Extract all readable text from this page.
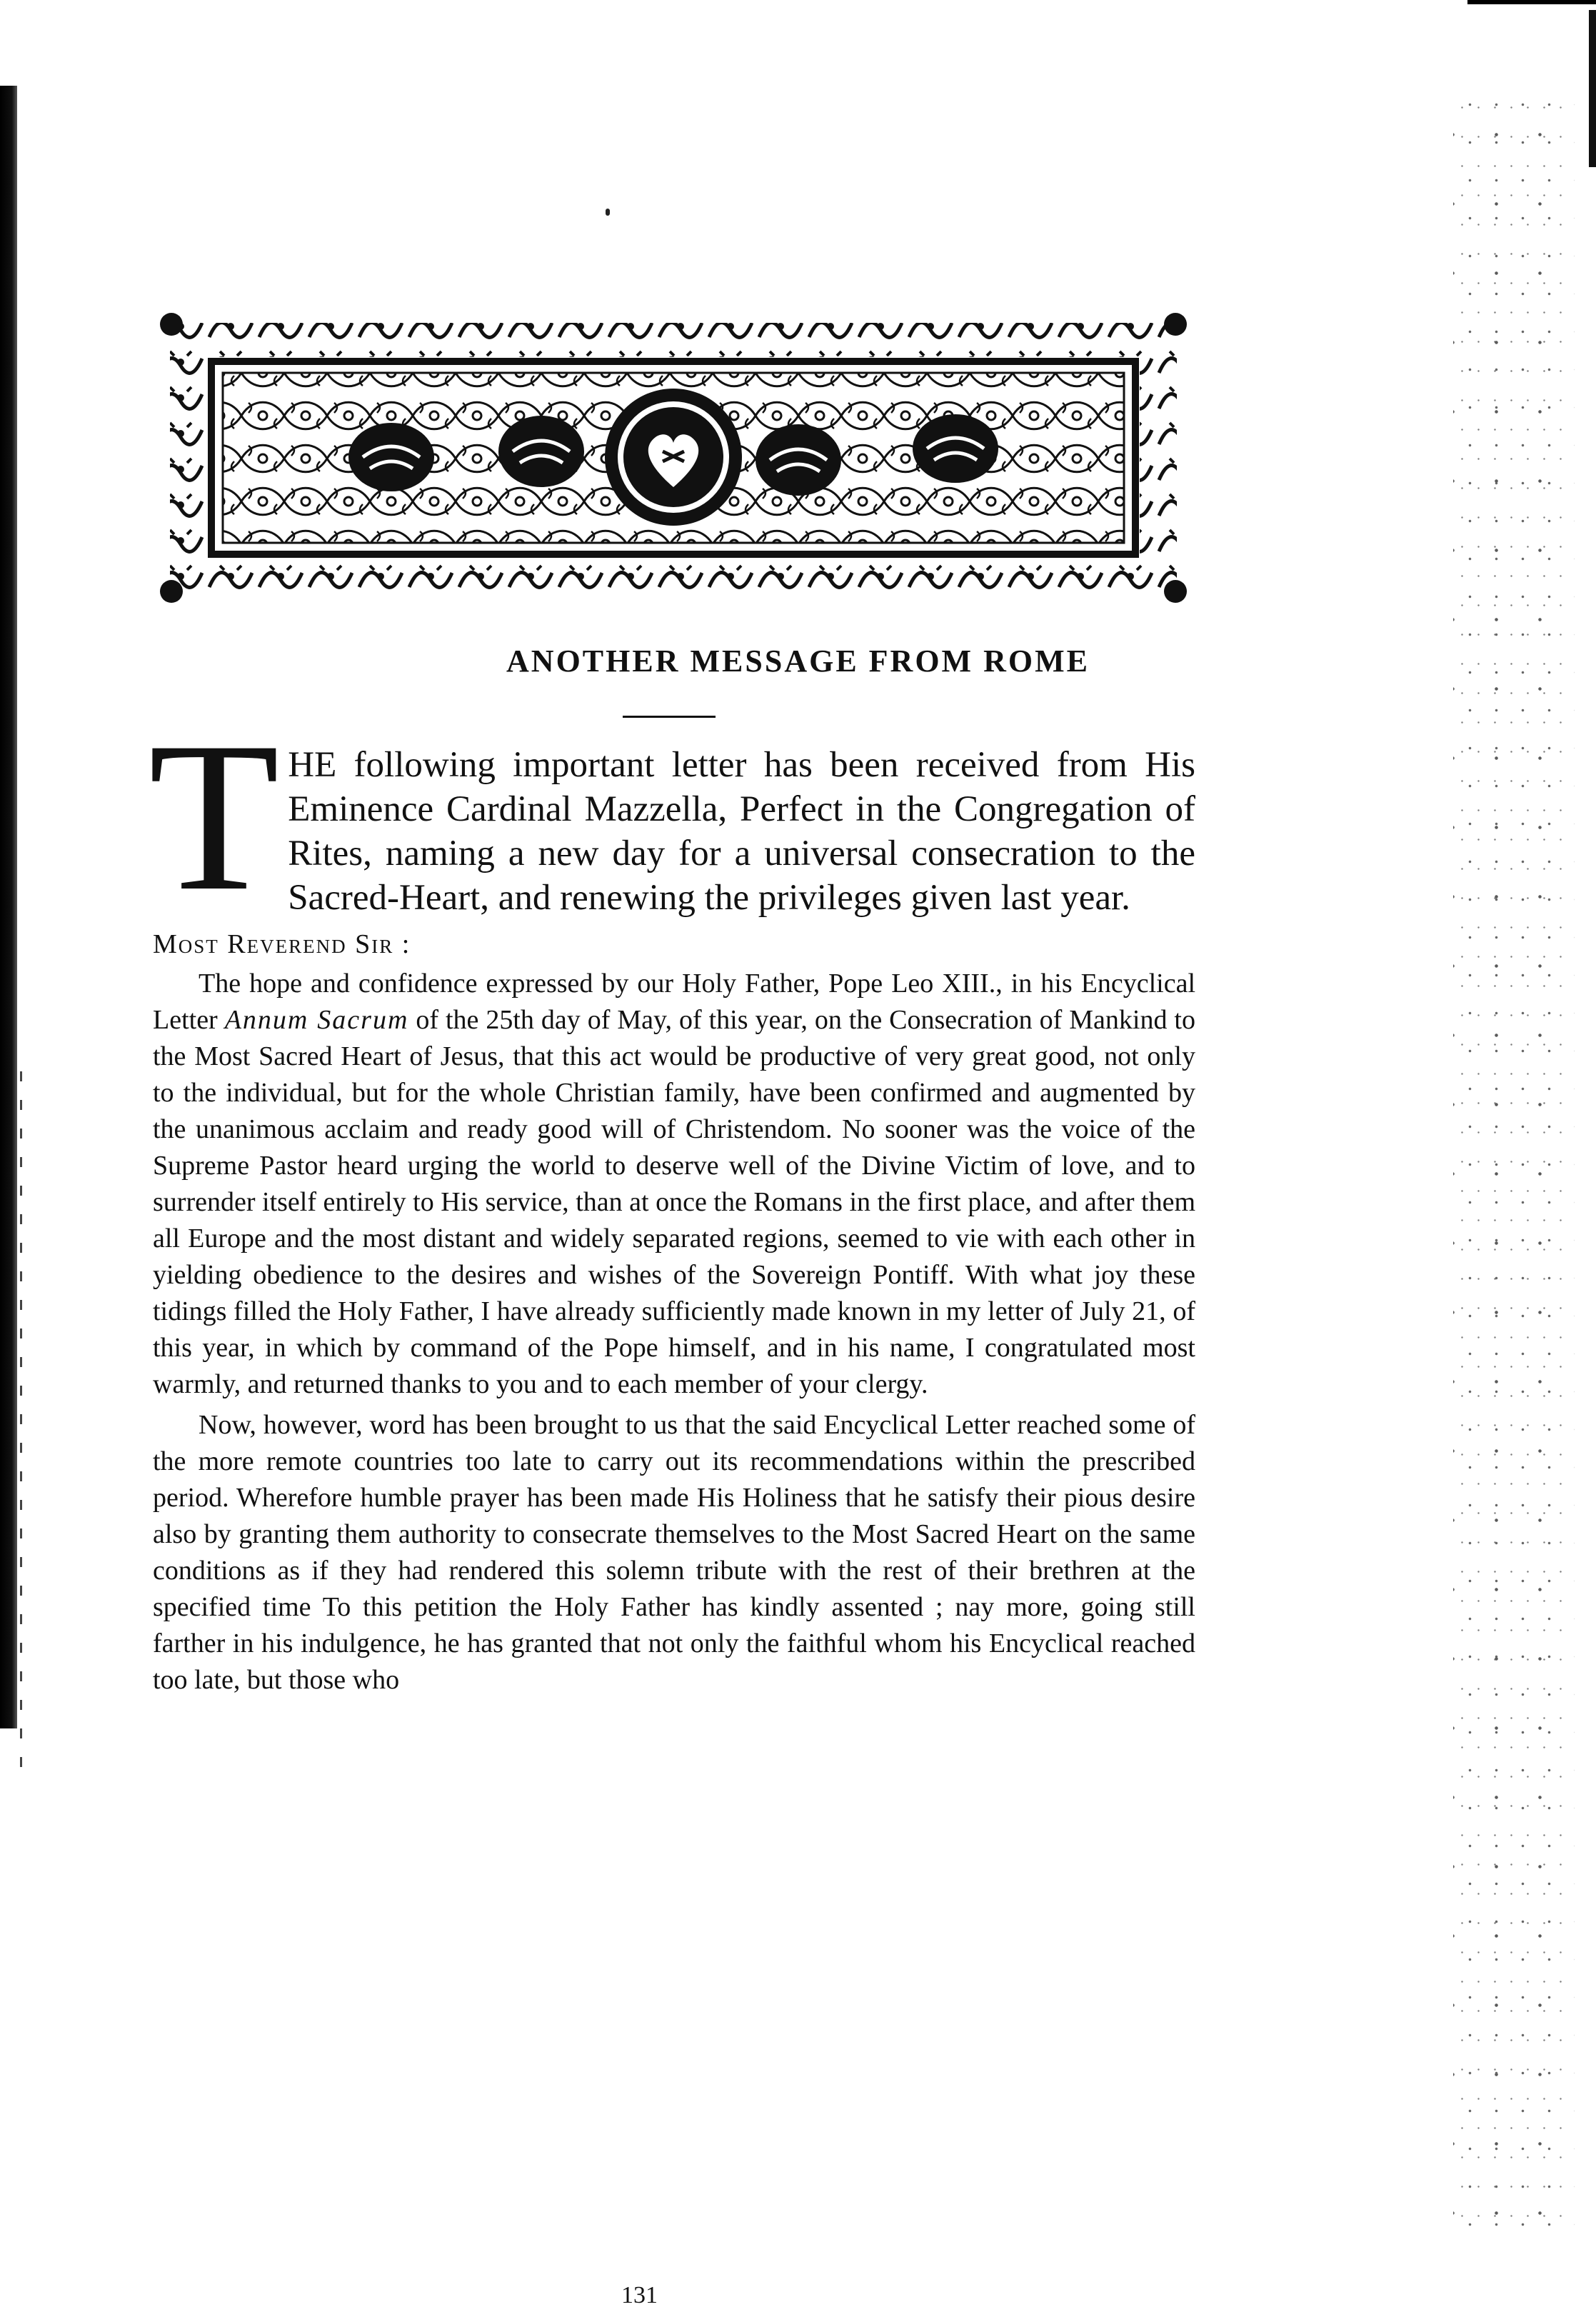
ANOTHER MESSAGE FROM ROME
THE following important letter has been received from His Eminence Cardinal Mazzella, Perfect in the Congregation of Rites, naming a new day for a universal consecration to the Sacred-Heart, and renewing the privileges given last year.
Most Reverend Sir :

The hope and confidence expressed by our Holy Father, Pope Leo XIII., in his Encyclical Letter Annum Sacrum of the 25th day of May, of this year, on the Consecration of Mankind to the Most Sacred Heart of Jesus, that this act would be productive of very great good, not only to the individual, but for the whole Christian family, have been confirmed and augmented by the unanimous acclaim and ready good will of Christendom. No sooner was the voice of the Supreme Pastor heard urging the world to deserve well of the Divine Victim of love, and to surrender itself entirely to His service, than at once the Romans in the first place, and after them all Europe and the most distant and widely separated regions, seemed to vie with each other in yielding obedience to the desires and wishes of the Sovereign Pontiff. With what joy these tidings filled the Holy Father, I have already sufficiently made known in my letter of July 21, of this year, in which by command of the Pope himself, and in his name, I congratulated most warmly, and returned thanks to you and to each member of your clergy.

Now, however, word has been brought to us that the said Encyclical Letter reached some of the more remote countries too late to carry out its recommendations within the prescribed period. Wherefore humble prayer has been made His Holiness that he satisfy their pious desire also by granting them authority to consecrate themselves to the Most Sacred Heart on the same conditions as if they had rendered this solemn tribute with the rest of their brethren at the specified time To this petition the Holy Father has kindly assented ; nay more, going still farther in his indulgence, he has granted that not only the faithful whom his Encyclical reached too late, but those who

131
